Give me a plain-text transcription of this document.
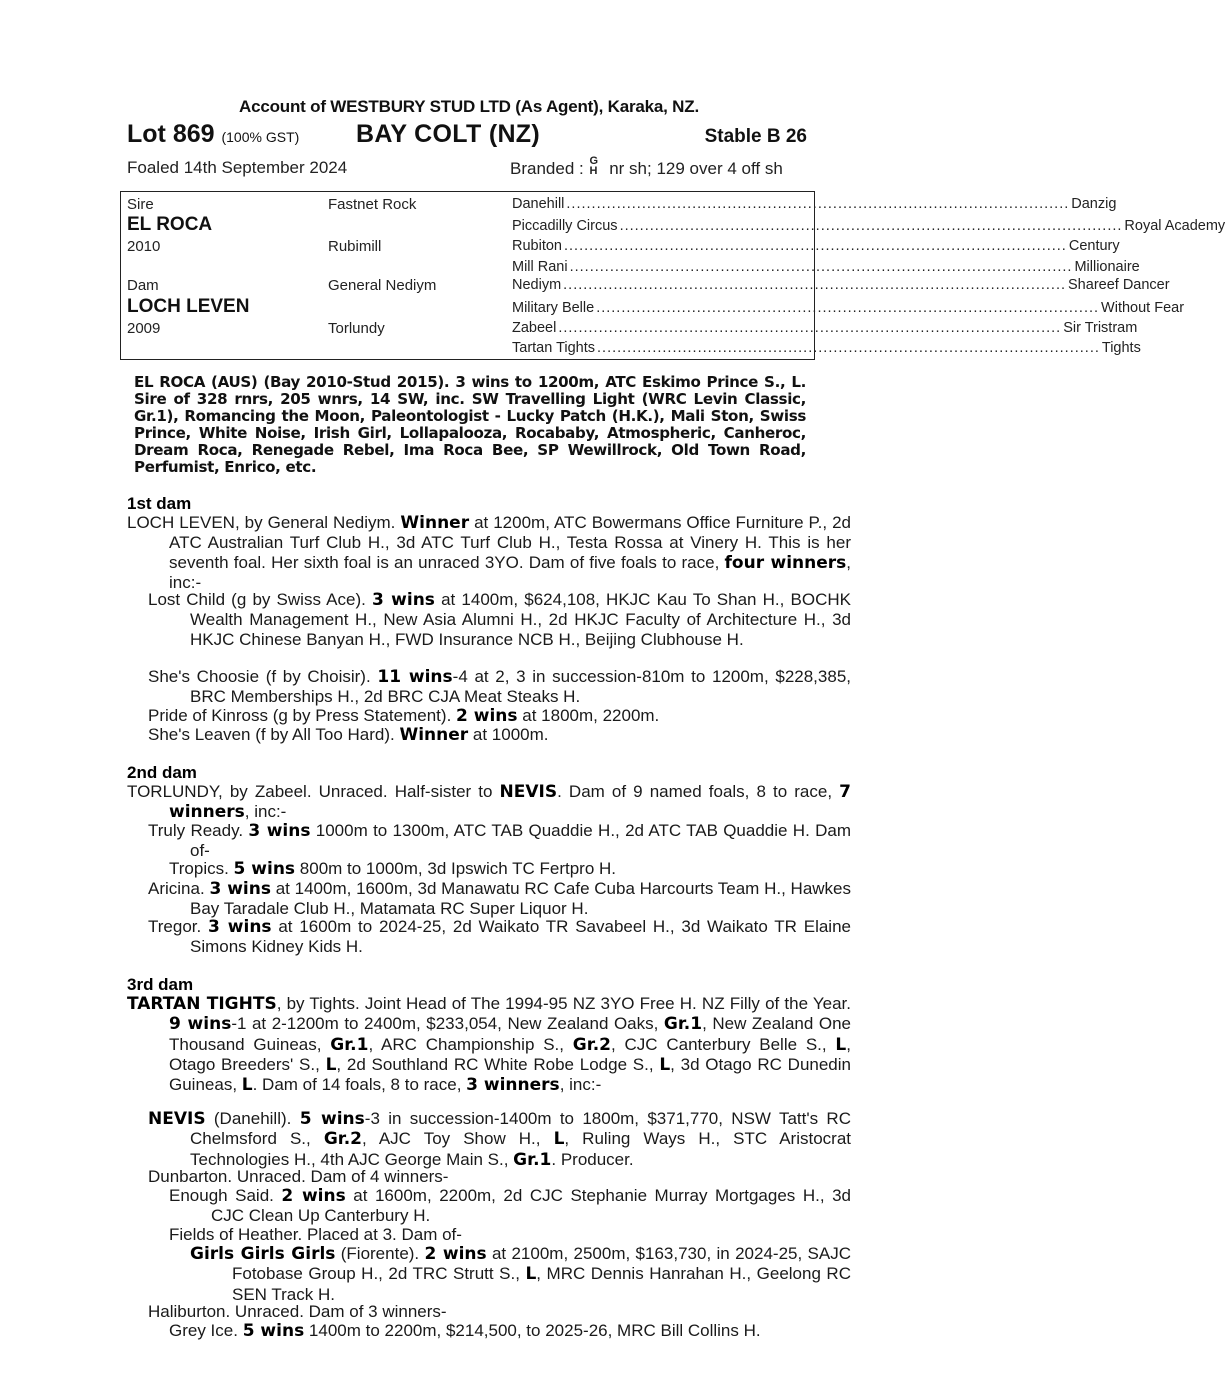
Account of WESTBURY STUD LTD (As Agent), Karaka, NZ.
Lot 869 (100% GST) BAY COLT (NZ)	Stable B 26
Foaled 14th September 2024	Branded : G
H nr sh; 129 over 4 off sh
Sire
EL ROCA
2010
Fastnet Rock
Rubimill
Dam
LOCH LEVEN
2009
General Nediym
Torlundy
Danehill .................................................................................................... Danzig
Piccadilly Circus .................................................................................................... Royal Academy
Rubiton .................................................................................................... Century
Mill Rani .................................................................................................... Millionaire
Nediym .................................................................................................... Shareef Dancer
Military Belle .................................................................................................... Without Fear
Zabeel .................................................................................................... Sir Tristram
Tartan Tights .................................................................................................... Tights
EL ROCA (AUS) (Bay 2010-Stud 2015). 3 wins to 1200m, ATC Eskimo Prince S., L. Sire of 328 rnrs, 205 wnrs, 14 SW, inc. SW Travelling Light (WRC Levin Classic, Gr.1), Romancing the Moon, Paleontologist - Lucky Patch (H.K.), Mali Ston, Swiss Prince, White Noise, Irish Girl, Lollapalooza, Rocababy, Atmospheric, Canheroc, Dream Roca, Renegade Rebel, Ima Roca Bee, SP Wewillrock, Old Town Road, Perfumist, Enrico, etc.
1st dam
LOCH LEVEN, by General Nediym. Winner at 1200m, ATC Bowermans Office Furniture P., 2d ATC Australian Turf Club H., 3d ATC Turf Club H., Testa Rossa at Vinery H. This is her seventh foal. Her sixth foal is an unraced 3YO. Dam of five foals to race, four winners, inc:-
Lost Child (g by Swiss Ace). 3 wins at 1400m, $624,108, HKJC Kau To Shan H., BOCHK Wealth Management H., New Asia Alumni H., 2d HKJC Faculty of Architecture H., 3d HKJC Chinese Banyan H., FWD Insurance NCB H., Beijing Clubhouse H.
She's Choosie (f by Choisir). 11 wins-4 at 2, 3 in succession-810m to 1200m, $228,385, BRC Memberships H., 2d BRC CJA Meat Steaks H.
Pride of Kinross (g by Press Statement). 2 wins at 1800m, 2200m.
She's Leaven (f by All Too Hard). Winner at 1000m.
2nd dam
TORLUNDY, by Zabeel. Unraced. Half-sister to NEVIS. Dam of 9 named foals, 8 to race, 7 winners, inc:-
Truly Ready. 3 wins 1000m to 1300m, ATC TAB Quaddie H., 2d ATC TAB Quaddie H. Dam of-
Tropics. 5 wins 800m to 1000m, 3d Ipswich TC Fertpro H.
Aricina. 3 wins at 1400m, 1600m, 3d Manawatu RC Cafe Cuba Harcourts Team H., Hawkes Bay Taradale Club H., Matamata RC Super Liquor H.
Tregor. 3 wins at 1600m to 2024-25, 2d Waikato TR Savabeel H., 3d Waikato TR Elaine Simons Kidney Kids H.
3rd dam
TARTAN TIGHTS, by Tights. Joint Head of The 1994-95 NZ 3YO Free H. NZ Filly of the Year. 9 wins-1 at 2-1200m to 2400m, $233,054, New Zealand Oaks, Gr.1, New Zealand One Thousand Guineas, Gr.1, ARC Championship S., Gr.2, CJC Canterbury Belle S., L, Otago Breeders' S., L, 2d Southland RC White Robe Lodge S., L, 3d Otago RC Dunedin Guineas, L. Dam of 14 foals, 8 to race, 3 winners, inc:-
NEVIS (Danehill). 5 wins-3 in succession-1400m to 1800m, $371,770, NSW Tatt's RC Chelmsford S., Gr.2, AJC Toy Show H., L, Ruling Ways H., STC Aristocrat Technologies H., 4th AJC George Main S., Gr.1. Producer.
Dunbarton. Unraced. Dam of 4 winners-
Enough Said. 2 wins at 1600m, 2200m, 2d CJC Stephanie Murray Mortgages H., 3d CJC Clean Up Canterbury H.
Fields of Heather. Placed at 3. Dam of-
Girls Girls Girls (Fiorente). 2 wins at 2100m, 2500m, $163,730, in 2024-25, SAJC Fotobase Group H., 2d TRC Strutt S., L, MRC Dennis Hanrahan H., Geelong RC SEN Track H.
Haliburton. Unraced. Dam of 3 winners-
Grey Ice. 5 wins 1400m to 2200m, $214,500, to 2025-26, MRC Bill Collins H.
